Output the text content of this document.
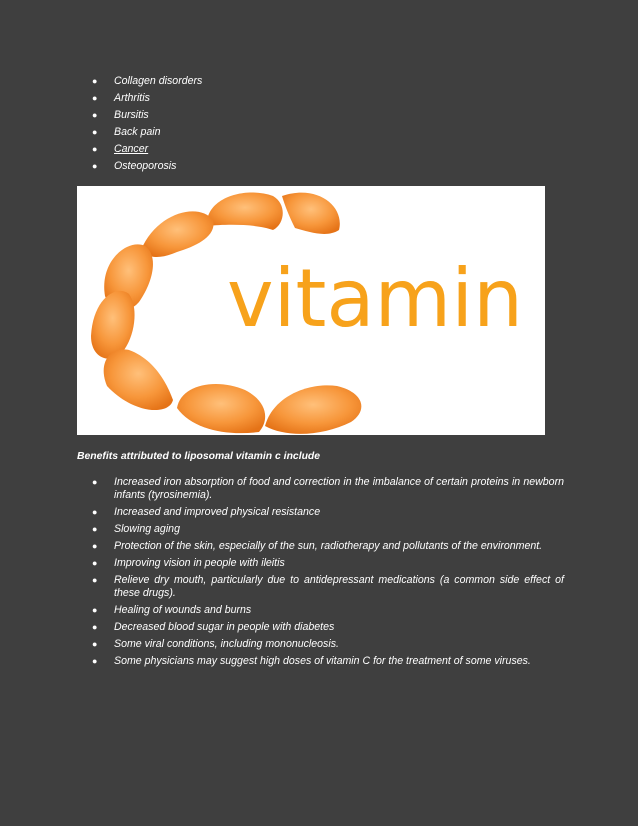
● Collagen disorders
● Arthritis
● Bursitis
● Back pain
● Cancer
● Osteoporosis
vitamin
Benefits attributed to liposomal vitamin c include
● Increased iron absorption of food and correction in the imbalance of certain proteins in newborn infants (tyrosinemia).
● Increased and improved physical resistance
● Slowing aging
● Protection of the skin, especially of the sun, radiotherapy and pollutants of the environment.
● Improving vision in people with ileitis
● Relieve dry mouth, particularly due to antidepressant medications (a common side effect of these drugs).
● Healing of wounds and burns
● Decreased blood sugar in people with diabetes
● Some viral conditions, including mononucleosis.
● Some physicians may suggest high doses of vitamin C for the treatment of some viruses.
